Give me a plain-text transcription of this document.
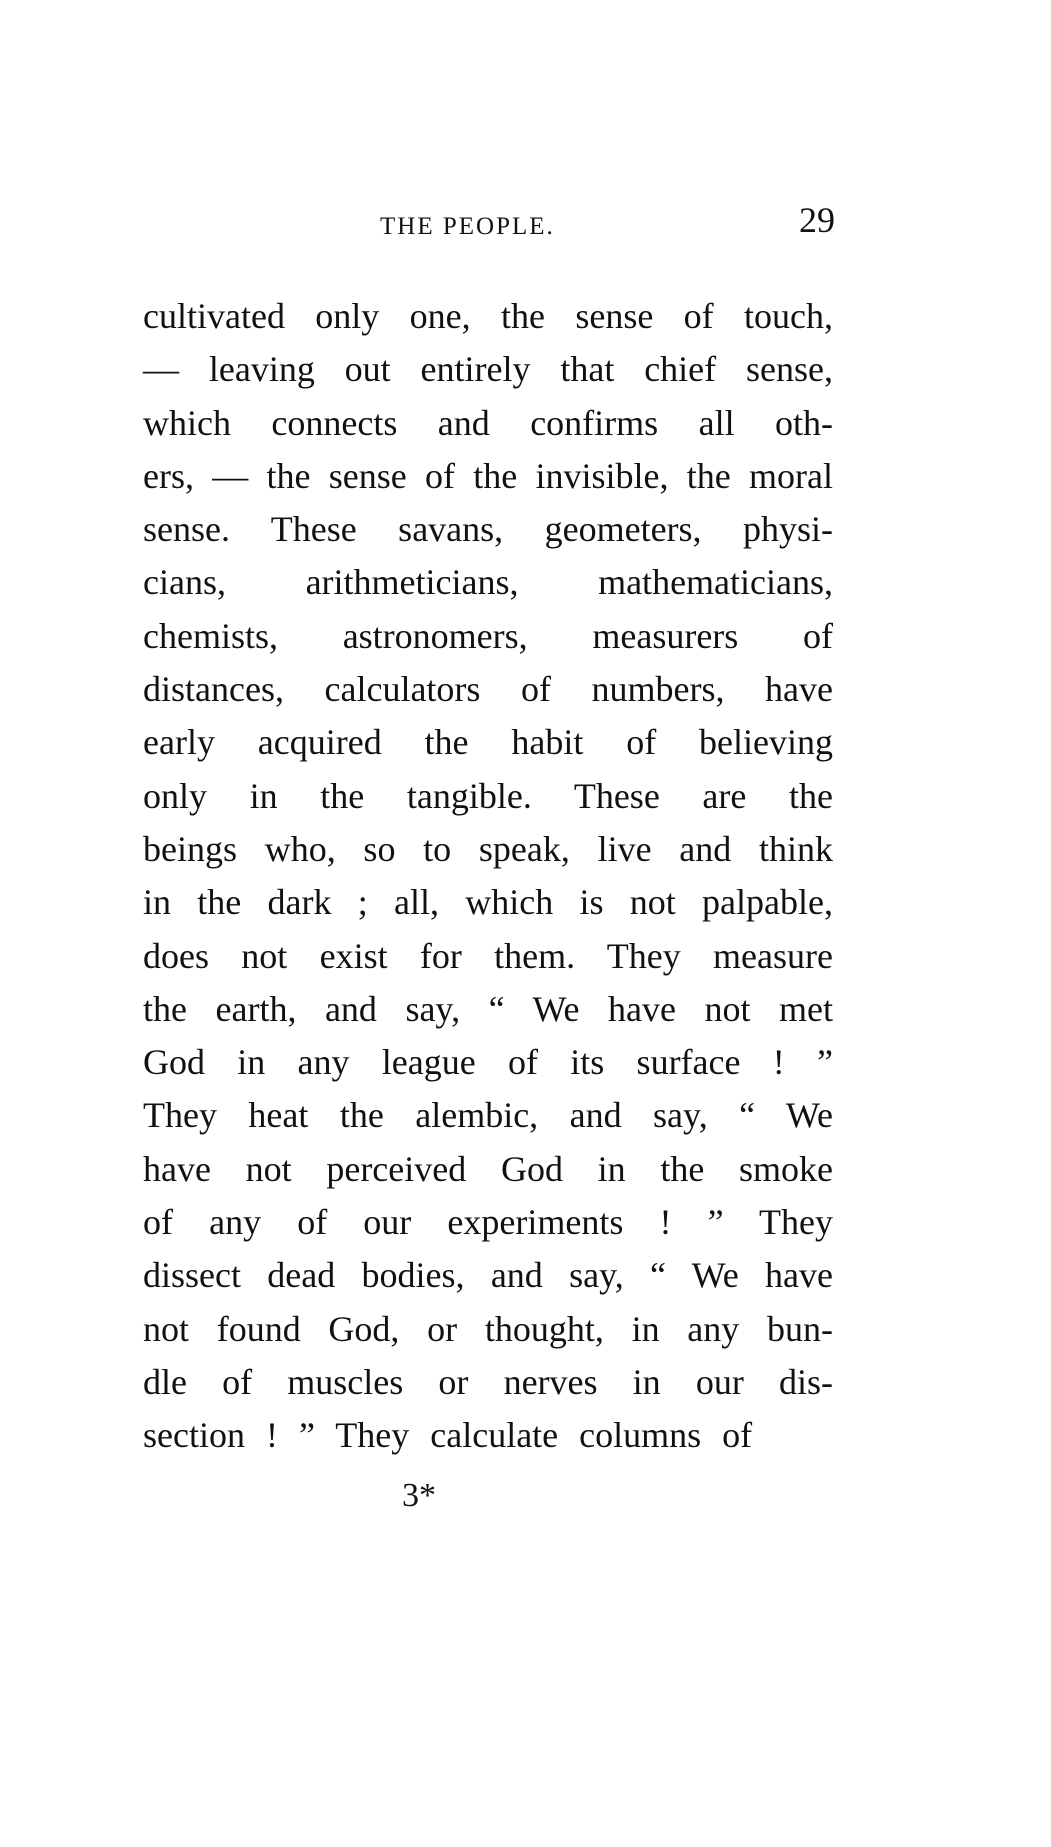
THE PEOPLE.	29
cultivated only one, the sense of touch,
— leaving out entirely that chief sense,
which connects and confirms all oth-
ers, — the sense of the invisible, the moral
sense. These savans, geometers, physi-
cians, arithmeticians, mathematicians,
chemists, astronomers, measurers of
distances, calculators of numbers, have
early acquired the habit of believing
only in the tangible. These are the
beings who, so to speak, live and think
in the dark ; all, which is not palpable,
does not exist for them. They measure
the earth, and say, “ We have not met
God in any league of its surface ! ”
They heat the alembic, and say, “ We
have not perceived God in the smoke
of any of our experiments ! ” They
dissect dead bodies, and say, “ We have
not found God, or thought, in any bun-
dle of muscles or nerves in our dis-
section ! ” They calculate columns of
3*
